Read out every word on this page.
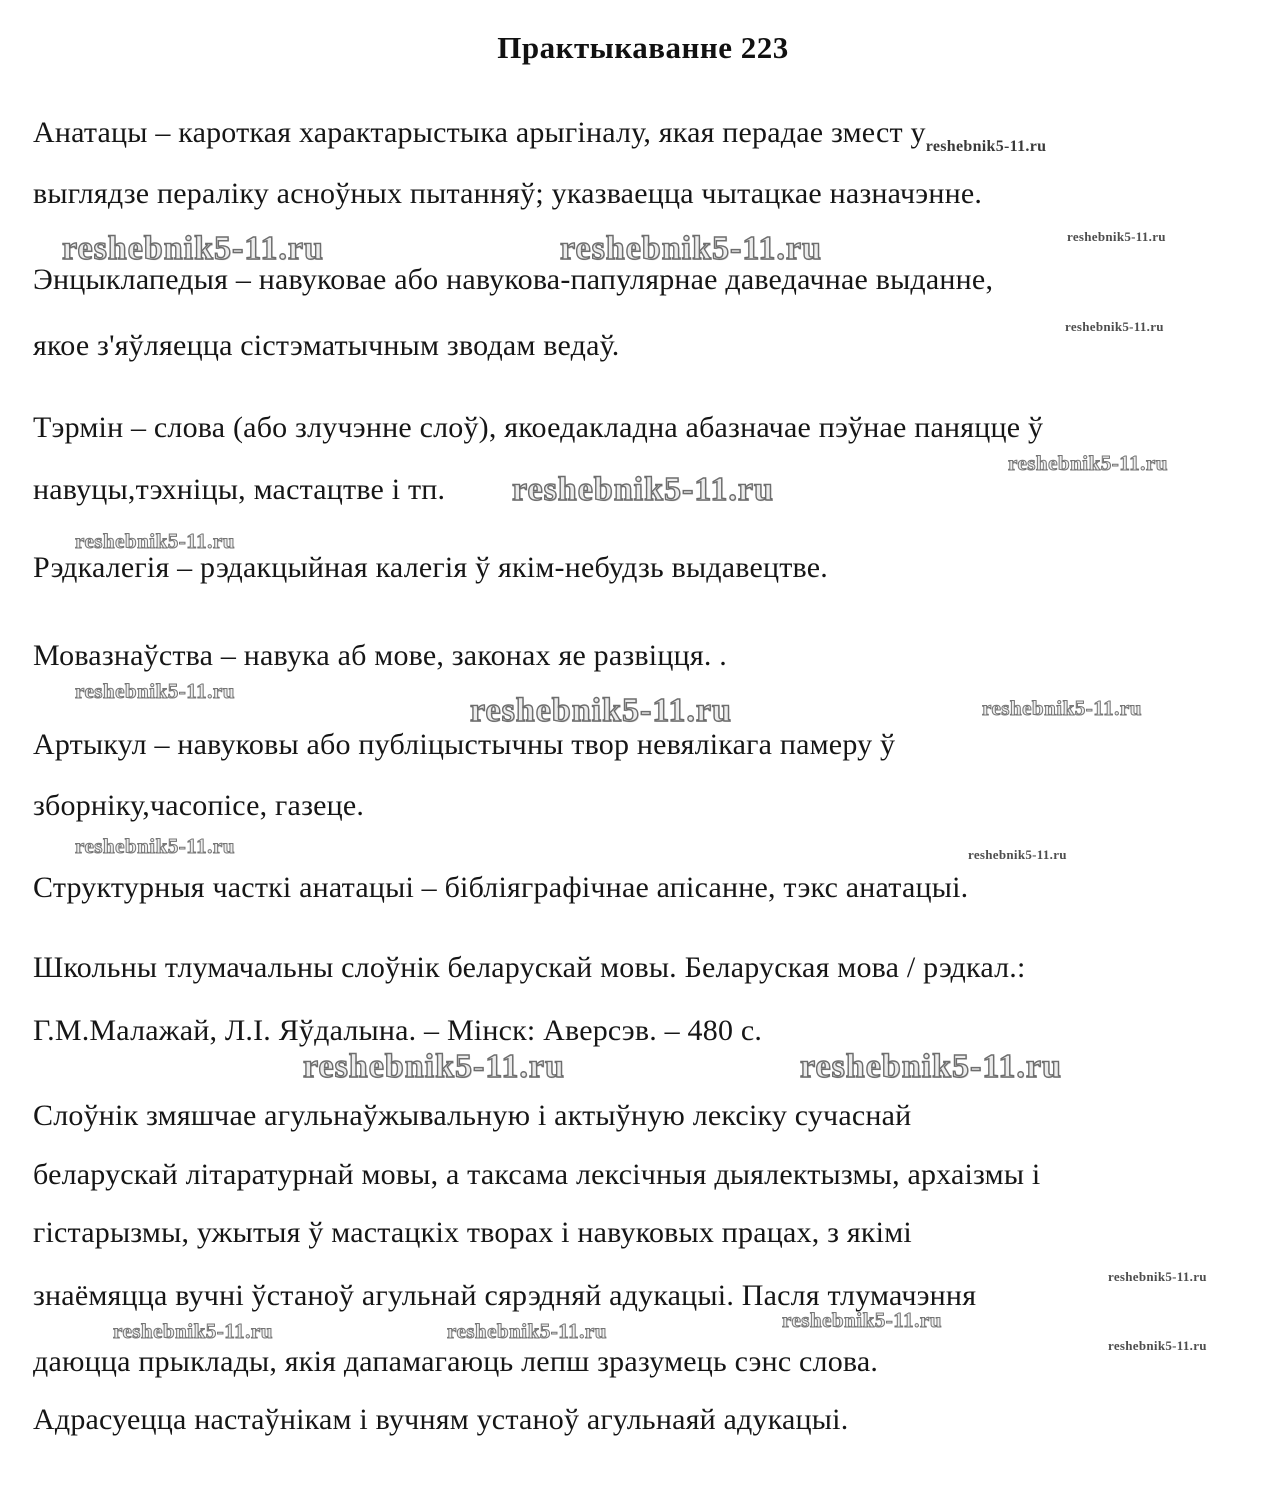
Практыкаванне 223
Анатацы – кароткая характарыстыка арыгіналу, якая перадае змест $у_{reshebnik5-11.ru}$
выглядзе пераліку асноўных пытанняў; указваецца чытацкае назначэнне.
Энцыклапедыя – навуковае або навукова-папулярнае даведачнае выданне,
якое з'яўляецца сістэматычным зводам ведаў.
Тэрмін – слова (або злучэнне слоў), якоедакладна абазначае пэўнае паняцце ў
навуцы,тэхніцы, мастацтве і тп.
Рэдкалегія – рэдакцыйная калегія ў якім-небудзь выдавецтве.
Мовазнаўства – навука аб мове, законах яе развіцця. .
Артыкул – навуковы або публіцыстычны твор невялікага памеру ў
зборніку,часопісе, газеце.
Структурныя часткі анатацыі – бібліяграфічнае апісанне, тэкс анатацыі.
Школьны тлумачальны слоўнік беларускай мовы. Беларуская мова / рэдкал.:
Г.М.Малажай, Л.І. Яўдалына. – Мінск: Аверсэв. – 480 с.
Слоўнік змяшчае агульнаўжывальную і актыўную лексіку сучаснай
беларускай літаратурнай мовы, а таксама лексічныя дыялектызмы, архаізмы і
гістарызмы, ужытыя ў мастацкіх творах і навуковых працах, з якімі
знаёмяцца вучні ўстаноў агульнай сярэдняй адукацыі. Пасля тлумачэння
даюцца прыклады, якія дапамагаюць лепш зразумець сэнс слова.
Адрасуецца настаўнікам і вучням устаноў агульнаяй адукацыі.
reshebnik5-11.ru	reshebnik5-11.ru	reshebnik5-11.ru
reshebnik5-11.ru
reshebnik5-11.ru
reshebnik5-11.ru
reshebnik5-11.ru
reshebnik5-11.ru
reshebnik5-11.ru	reshebnik5-11.ru
reshebnik5-11.ru	reshebnik5-11.ru
reshebnik5-11.ru	reshebnik5-11.ru
reshebnik5-11.ru
reshebnik5-11.ru	reshebnik5-11.ru	reshebnik5-11.ru
reshebnik5-11.ru
